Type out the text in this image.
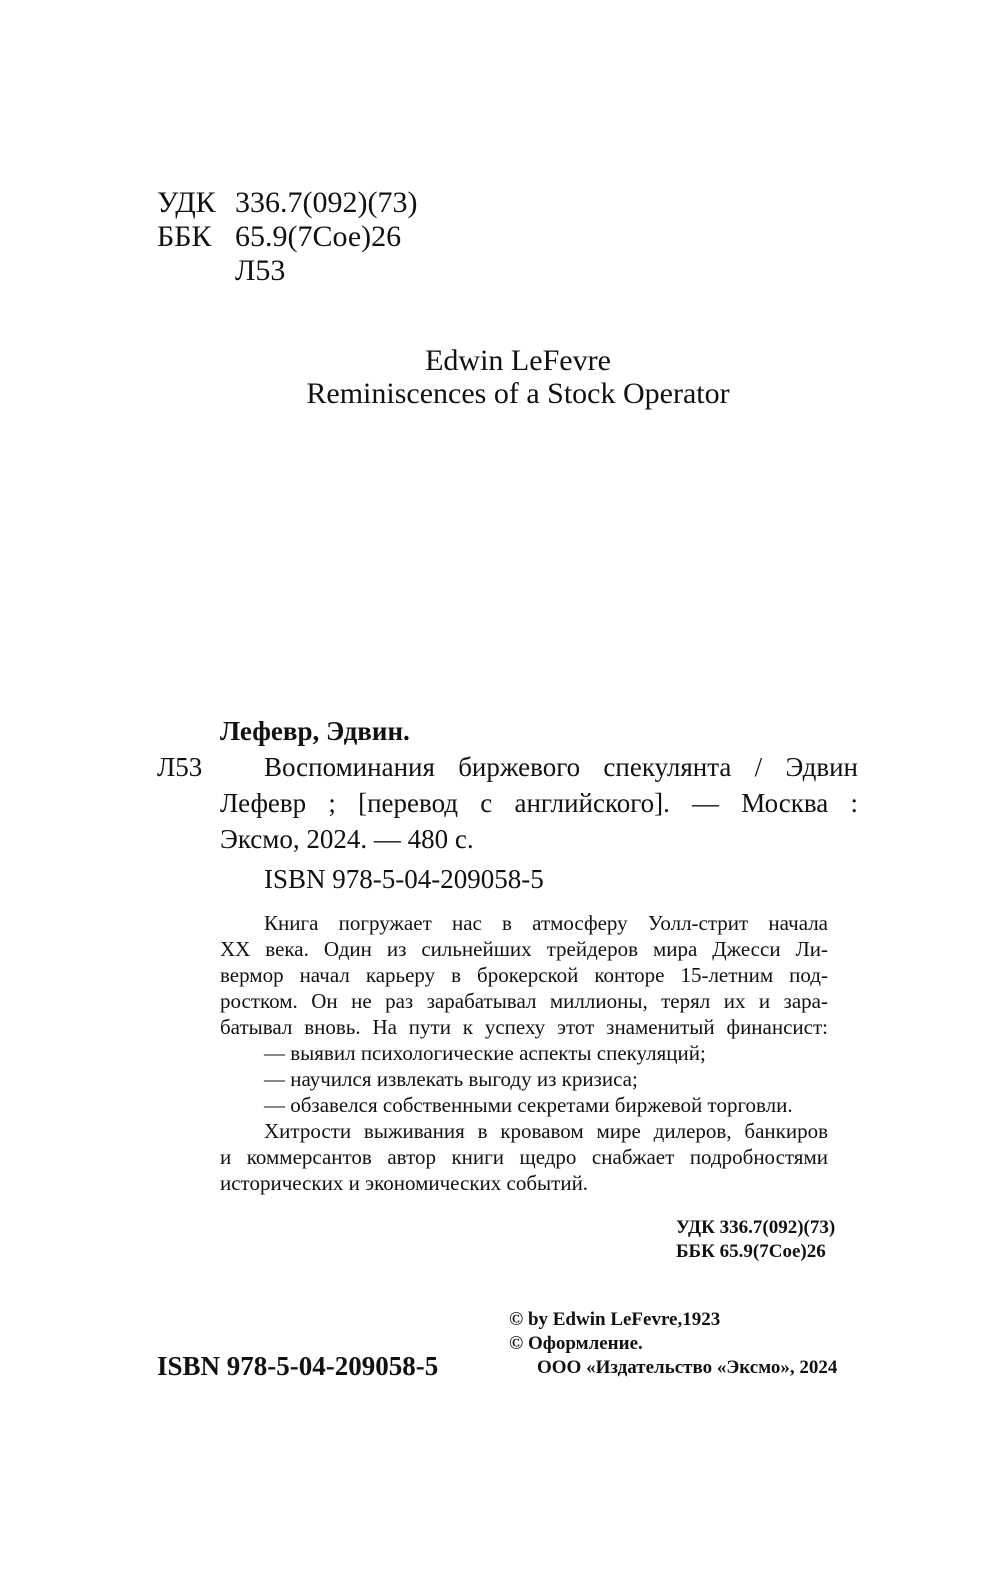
УДК 336.7(092)(73)
ББК 65.9(7Сое)26
Л53
Edwin LeFevre
Reminiscences of a Stock Operator
Лефевр, Эдвин.
Л53 Воспоминания биржевого спекулянта / Эдвин
Лефевр ; [перевод с английского]. — Москва :
Эксмо, 2024. — 480 с.
ISBN 978-5-04-209058-5
Книга погружает нас в атмосферу Уолл-стрит начала
XX века. Один из сильнейших трейдеров мира Джесси Ли-
вермор начал карьеру в брокерской конторе 15-летним под-
ростком. Он не раз зарабатывал миллионы, терял их и зара-
батывал вновь. На пути к успеху этот знаменитый финансист:
— выявил психологические аспекты спекуляций;
— научился извлекать выгоду из кризиса;
— обзавелся собственными секретами биржевой торговли.
Хитрости выживания в кровавом мире дилеров, банкиров
и коммерсантов автор книги щедро снабжает подробностями
исторических и экономических событий.
УДК 336.7(092)(73)
ББК 65.9(7Сое)26
© by Edwin LeFevre,1923
© Оформление.
ООО «Издательство «Эксмо», 2024
ISBN 978-5-04-209058-5
